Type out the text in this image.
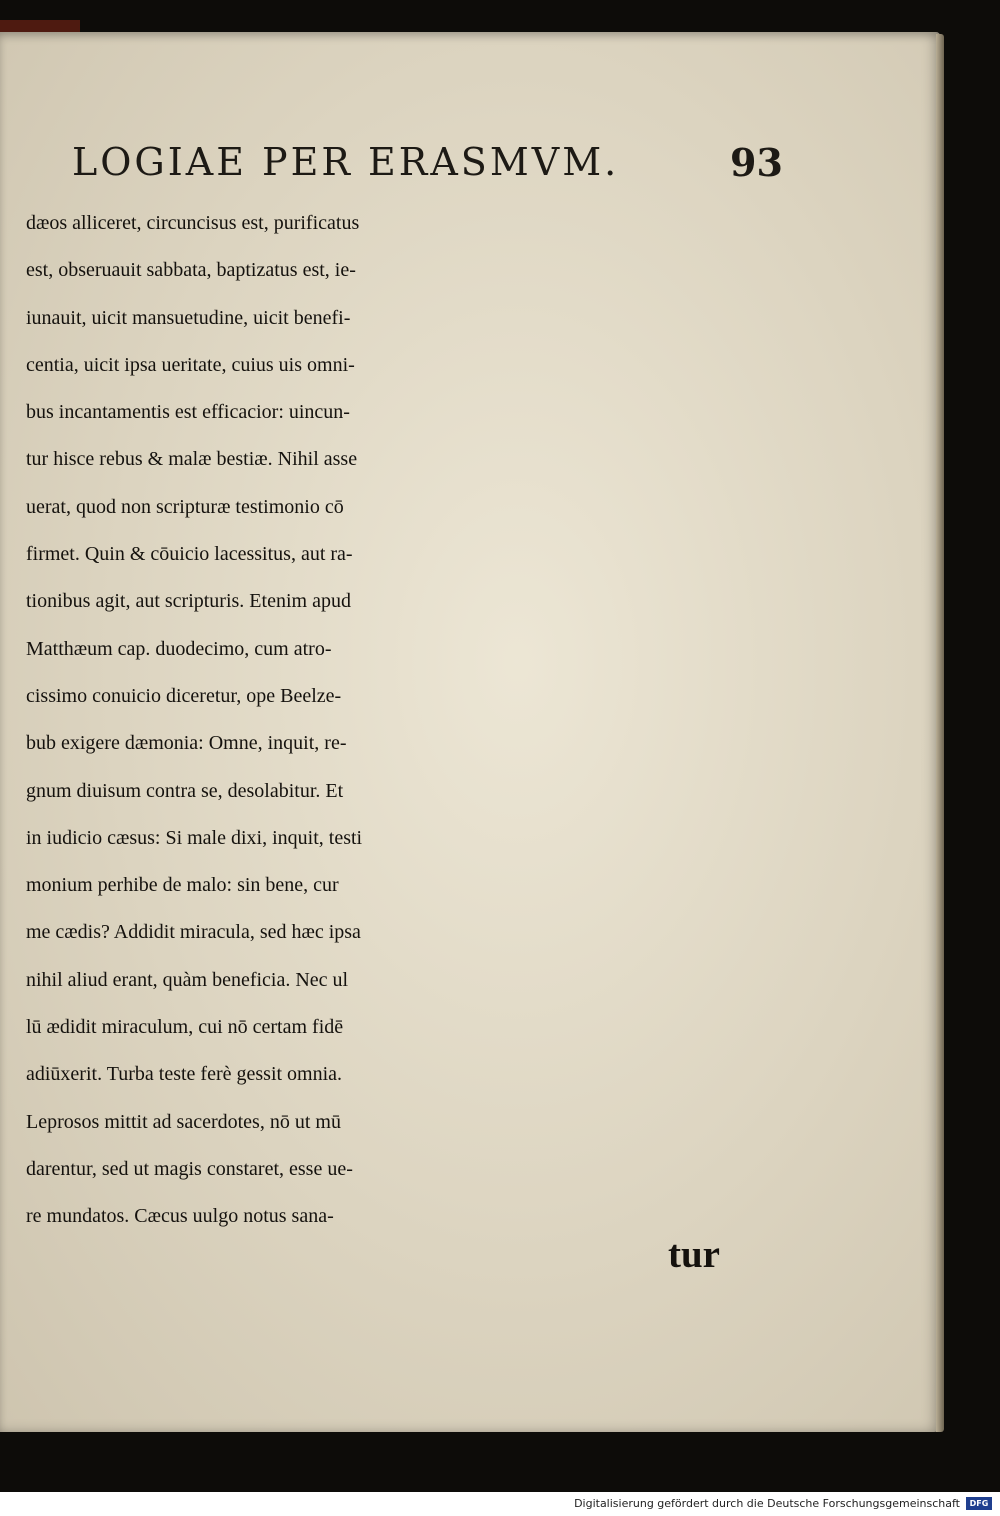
LOGIAE PER ERASMVM.	93
dæos alliceret, circuncisus est, purificatus
est, obseruauit sabbata, baptizatus est, ie-
iunauit, uicit mansuetudine, uicit benefi-
centia, uicit ipsa ueritate, cuius uis omni-
bus incantamentis est efficacior: uincun-
tur hisce rebus & malæ bestiæ. Nihil asse
uerat, quod non scripturæ testimonio cō
firmet. Quin & cōuicio lacessitus, aut ra-
tionibus agit, aut scripturis. Etenim apud
Matthæum cap. duodecimo, cum atro-
cissimo conuicio diceretur, ope Beelze-
bub exigere dæmonia: Omne, inquit, re-
gnum diuisum contra se, desolabitur. Et
in iudicio cæsus: Si male dixi, inquit, testi
monium perhibe de malo: sin bene, cur
me cædis? Addidit miracula, sed hæc ipsa
nihil aliud erant, quàm beneficia. Nec ul
lū ædidit miraculum, cui nō certam fidē
adiūxerit. Turba teste ferè gessit omnia.
Leprosos mittit ad sacerdotes, nō ut mū
darentur, sed ut magis constaret, esse ue-
re mundatos. Cæcus uulgo notus sana-
tur
Digitalisierung gefördert durch die Deutsche Forschungsgemeinschaft	DFG
